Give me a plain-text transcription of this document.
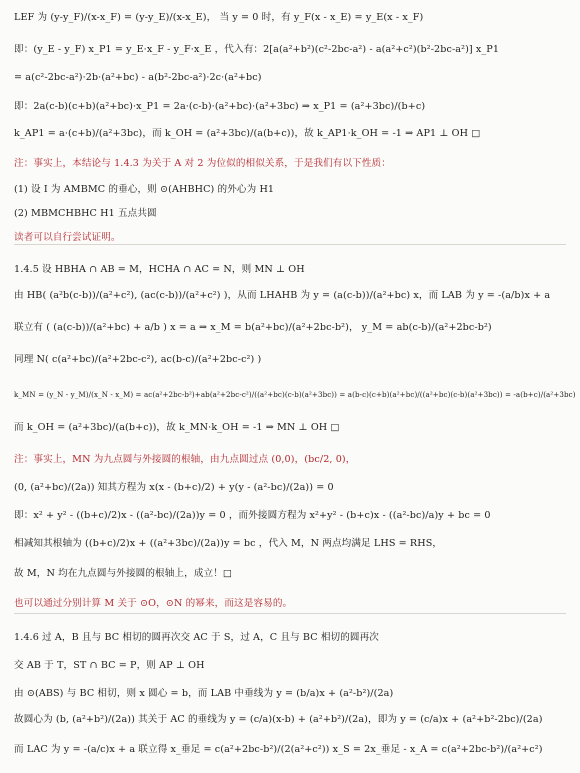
LEF 为 (y-y_F)/(x-x_F) = (y-y_E)/(x-x_E)， 当 y = 0 时，有 y_F(x - x_E) = y_E(x - x_F)
即：(y_E - y_F) x_P1 = y_E·x_F - y_F·x_E ，代入有：2[a(a²+b²)(c²-2bc-a²) - a(a²+c²)(b²-2bc-a²)] x_P1
= a(c²-2bc-a²)·2b·(a²+bc) - a(b²-2bc-a²)·2c·(a²+bc)
即：2a(c-b)(c+b)(a²+bc)·x_P1 = 2a·(c-b)·(a²+bc)·(a²+3bc) ⇒ x_P1 = (a²+3bc)/(b+c)
k_AP1 = a·(c+b)/(a²+3bc)，而 k_OH = (a²+3bc)/(a(b+c))，故 k_AP1·k_OH = -1 ⇒ AP1 ⊥ OH □
注：事实上，本结论与 1.4.3 为关于 A 对 2 为位似的相似关系，于是我们有以下性质：
(1) 设 I 为 AMBMC 的垂心，则 ⊙(AHBHC) 的外心为 H1
(2) MBMCHBHC H1 五点共圆
读者可以自行尝试证明。
1.4.5 设 HBHA ∩ AB = M，HCHA ∩ AC = N，则 MN ⊥ OH
由 HB( (a²b(c-b))/(a²+c²), (ac(c-b))/(a²+c²) )，从而 LHAHB 为 y = (a(c-b))/(a²+bc) x，而 LAB 为 y = -(a/b)x + a
联立有 ( (a(c-b))/(a²+bc) + a/b ) x = a ⇒ x_M = b(a²+bc)/(a²+2bc-b²)， y_M = ab(c-b)/(a²+2bc-b²)
同理 N( c(a²+bc)/(a²+2bc-c²), ac(b-c)/(a²+2bc-c²) )
k_MN = (y_N - y_M)/(x_N - x_M) = ac(a²+2bc-b²)+ab(a²+2bc-c²)/((a²+bc)(c-b)(a²+3bc)) = a(b-c)(c+b)(a²+bc)/((a²+bc)(c-b)(a²+3bc)) = -a(b+c)/(a²+3bc)
而 k_OH = (a²+3bc)/(a(b+c))，故 k_MN·k_OH = -1 ⇒ MN ⊥ OH □
注：事实上，MN 为九点圆与外接圆的根轴，由九点圆过点 (0,0)，(bc/2, 0)，
(0, (a²+bc)/(2a)) 知其方程为 x(x - (b+c)/2) + y(y - (a²-bc)/(2a)) = 0
即：x² + y² - ((b+c)/2)x - ((a²-bc)/(2a))y = 0 ，而外接圆方程为 x²+y² - (b+c)x - ((a²-bc)/a)y + bc = 0
相减知其根轴为 ((b+c)/2)x + ((a²+3bc)/(2a))y = bc ，代入 M，N 两点均满足 LHS = RHS，
故 M，N 均在九点圆与外接圆的根轴上，成立！□
也可以通过分别计算 M 关于 ⊙O，⊙N 的幂来，而这是容易的。
1.4.6 过 A，B 且与 BC 相切的圆再次交 AC 于 S，过 A，C 且与 BC 相切的圆再次
交 AB 于 T，ST ∩ BC = P，则 AP ⊥ OH
由 ⊙(ABS) 与 BC 相切，则 x 圆心 = b，而 LAB 中垂线为 y = (b/a)x + (a²-b²)/(2a)
故圆心为 (b, (a²+b²)/(2a)) 其关于 AC 的垂线为 y = (c/a)(x-b) + (a²+b²)/(2a)，即为 y = (c/a)x + (a²+b²-2bc)/(2a)
而 LAC 为 y = -(a/c)x + a 联立得 x_垂足 = c(a²+2bc-b²)/(2(a²+c²)) x_S = 2x_垂足 - x_A = c(a²+2bc-b²)/(a²+c²)
